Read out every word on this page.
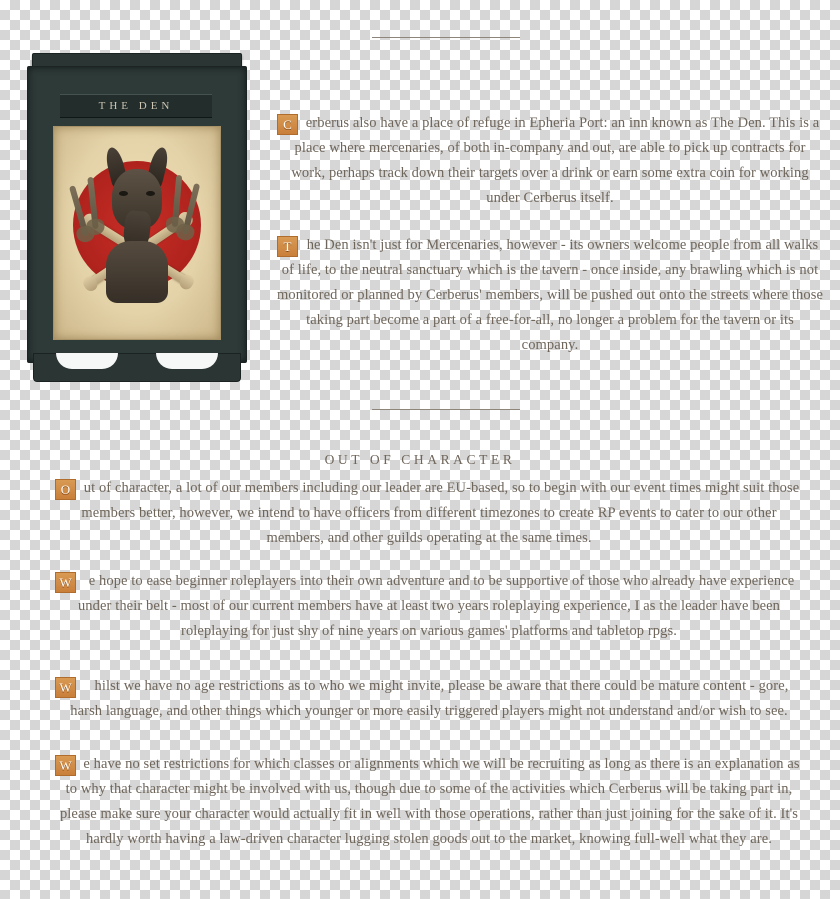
THE DEN

C erberus also have a place of refuge in Epheria Port: an inn known as The Den. This is a place where mercenaries, of both in-company and out, are able to pick up contracts for work, perhaps track down their targets over a drink or earn some extra coin for working under Cerberus itself.

T	he Den isn't just for Mercenaries, however - its owners welcome people from all walks of life, to the neutral sanctuary which is the tavern - once inside, any brawling which is not monitored or planned by Cerberus' members, will be pushed out onto the streets where those taking part become a part of a free-for-all, no longer a problem for the tavern or its company.

OUT OF CHARACTER

O ut of character, a lot of our members including our leader are EU-based, so to begin with our event times might suit those members better, however, we intend to have officers from different timezones to create RP events to cater to our other members, and other guilds operating at the same times.

W e hope to ease beginner roleplayers into their own adventure and to be supportive of those who already have experience under their belt - most of our current members have at least two years roleplaying experience, I as the leader have been roleplaying for just shy of nine years on various games' platforms and tabletop rpgs.

W hilst we have no age restrictions as to who we might invite, please be aware that there could be mature content - gore, harsh language, and other things which younger or more easily triggered players might not understand and/or wish to see.

W e have no set restrictions for which classes or alignments which we will be recruiting as long as there is an explanation as to why that character might be involved with us, though due to some of the activities which Cerberus will be taking part in, please make sure your character would actually fit in well with those operations, rather than just joining for the sake of it. It's hardly worth having a law-driven character lugging stolen goods out to the market, knowing full-well what they are.
